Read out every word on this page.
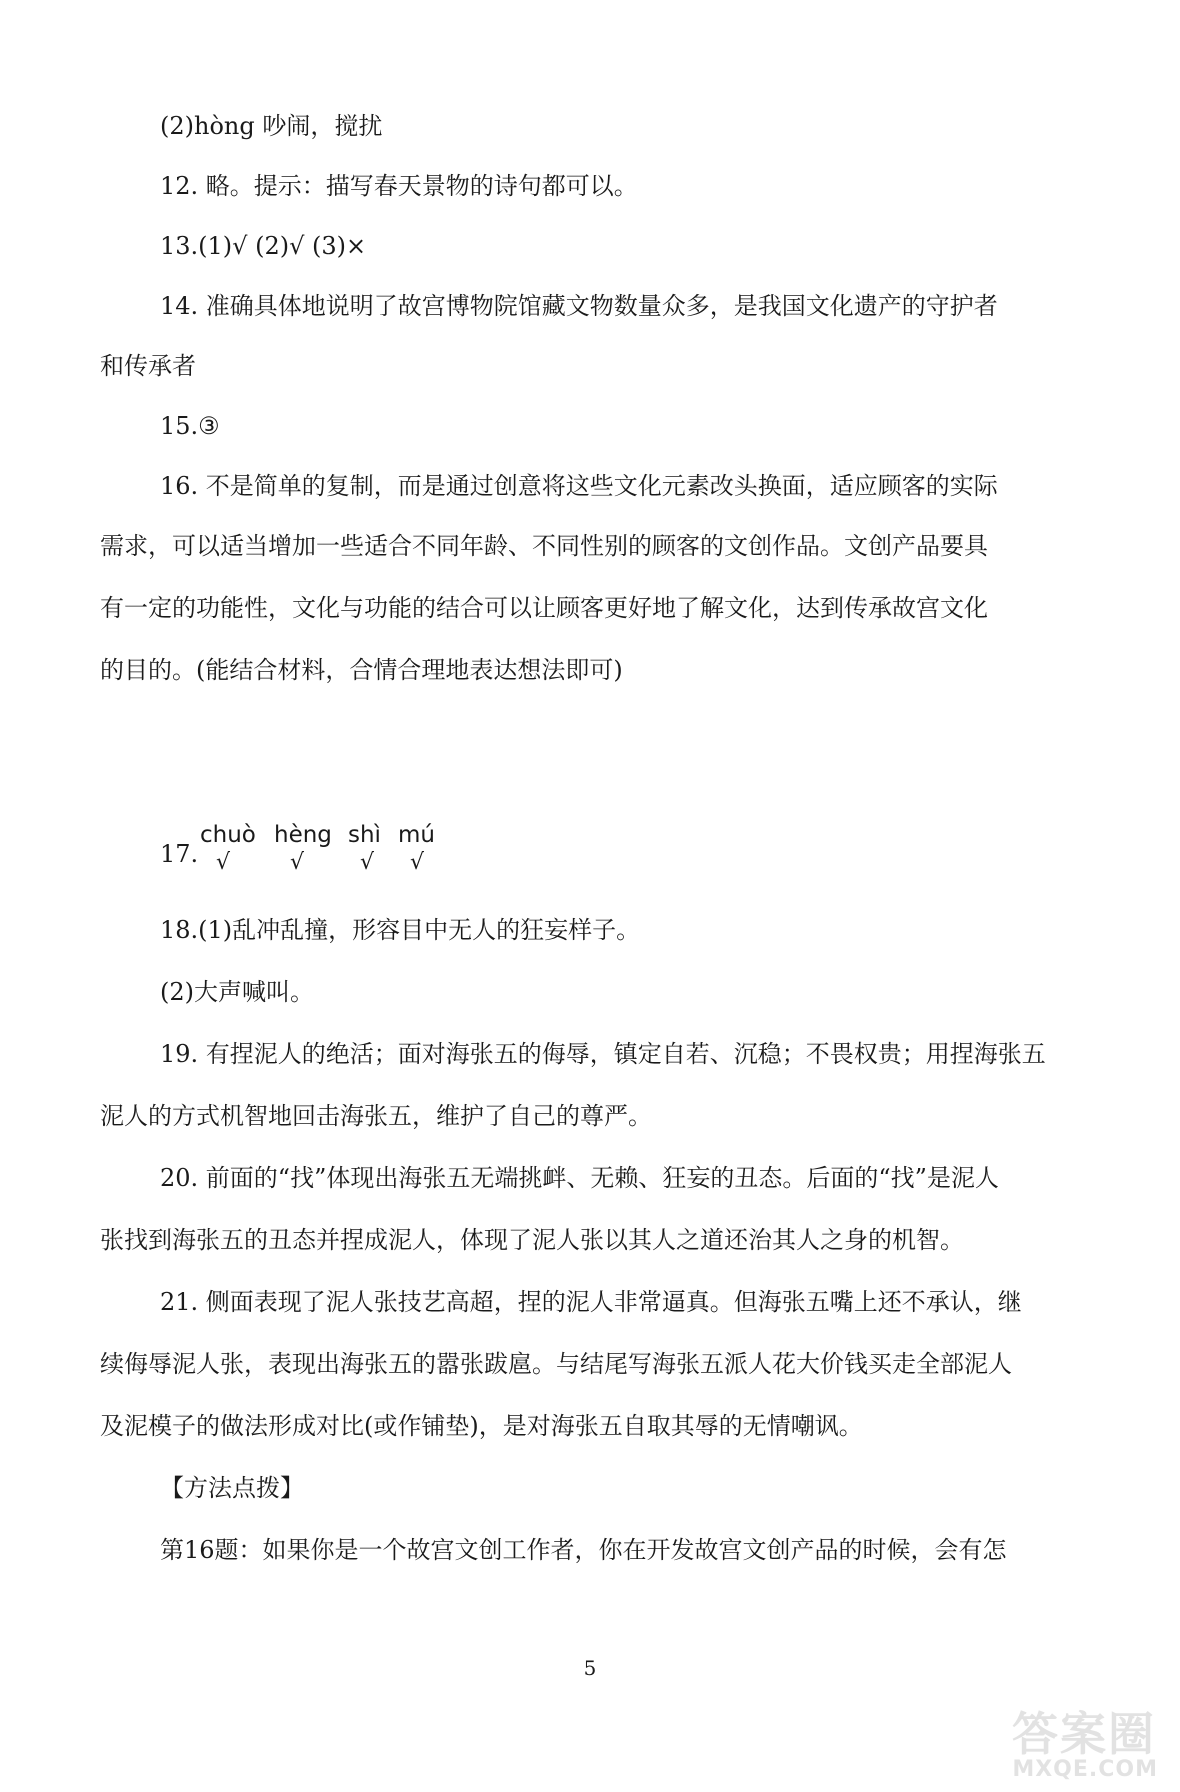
(2)hòng 吵闹，搅扰
12. 略。提示：描写春天景物的诗句都可以。
13.(1)√ (2)√ (3)×
14. 准确具体地说明了故宫博物院馆藏文物数量众多，是我国文化遗产的守护者
和传承者
15.③
16. 不是简单的复制，而是通过创意将这些文化元素改头换面，适应顾客的实际
需求，可以适当增加一些适合不同年龄、不同性别的顾客的文创作品。文创产品要具
有一定的功能性，文化与功能的结合可以让顾客更好地了解文化，达到传承故宫文化
的目的。(能结合材料，合情合理地表达想法即可)
17.
chuò
√
hèng
√
shì
√
mú
√
18.(1)乱冲乱撞，形容目中无人的狂妄样子。
(2)大声喊叫。
19. 有捏泥人的绝活；面对海张五的侮辱，镇定自若、沉稳；不畏权贵；用捏海张五
泥人的方式机智地回击海张五，维护了自己的尊严。
20. 前面的“找”体现出海张五无端挑衅、无赖、狂妄的丑态。后面的“找”是泥人
张找到海张五的丑态并捏成泥人，体现了泥人张以其人之道还治其人之身的机智。
21. 侧面表现了泥人张技艺高超，捏的泥人非常逼真。但海张五嘴上还不承认，继
续侮辱泥人张，表现出海张五的嚣张跋扈。与结尾写海张五派人花大价钱买走全部泥人
及泥模子的做法形成对比(或作铺垫)，是对海张五自取其辱的无情嘲讽。
【方法点拨】
第16题：如果你是一个故宫文创工作者，你在开发故宫文创产品的时候，会有怎
5
答案圈
MXQE.COM
